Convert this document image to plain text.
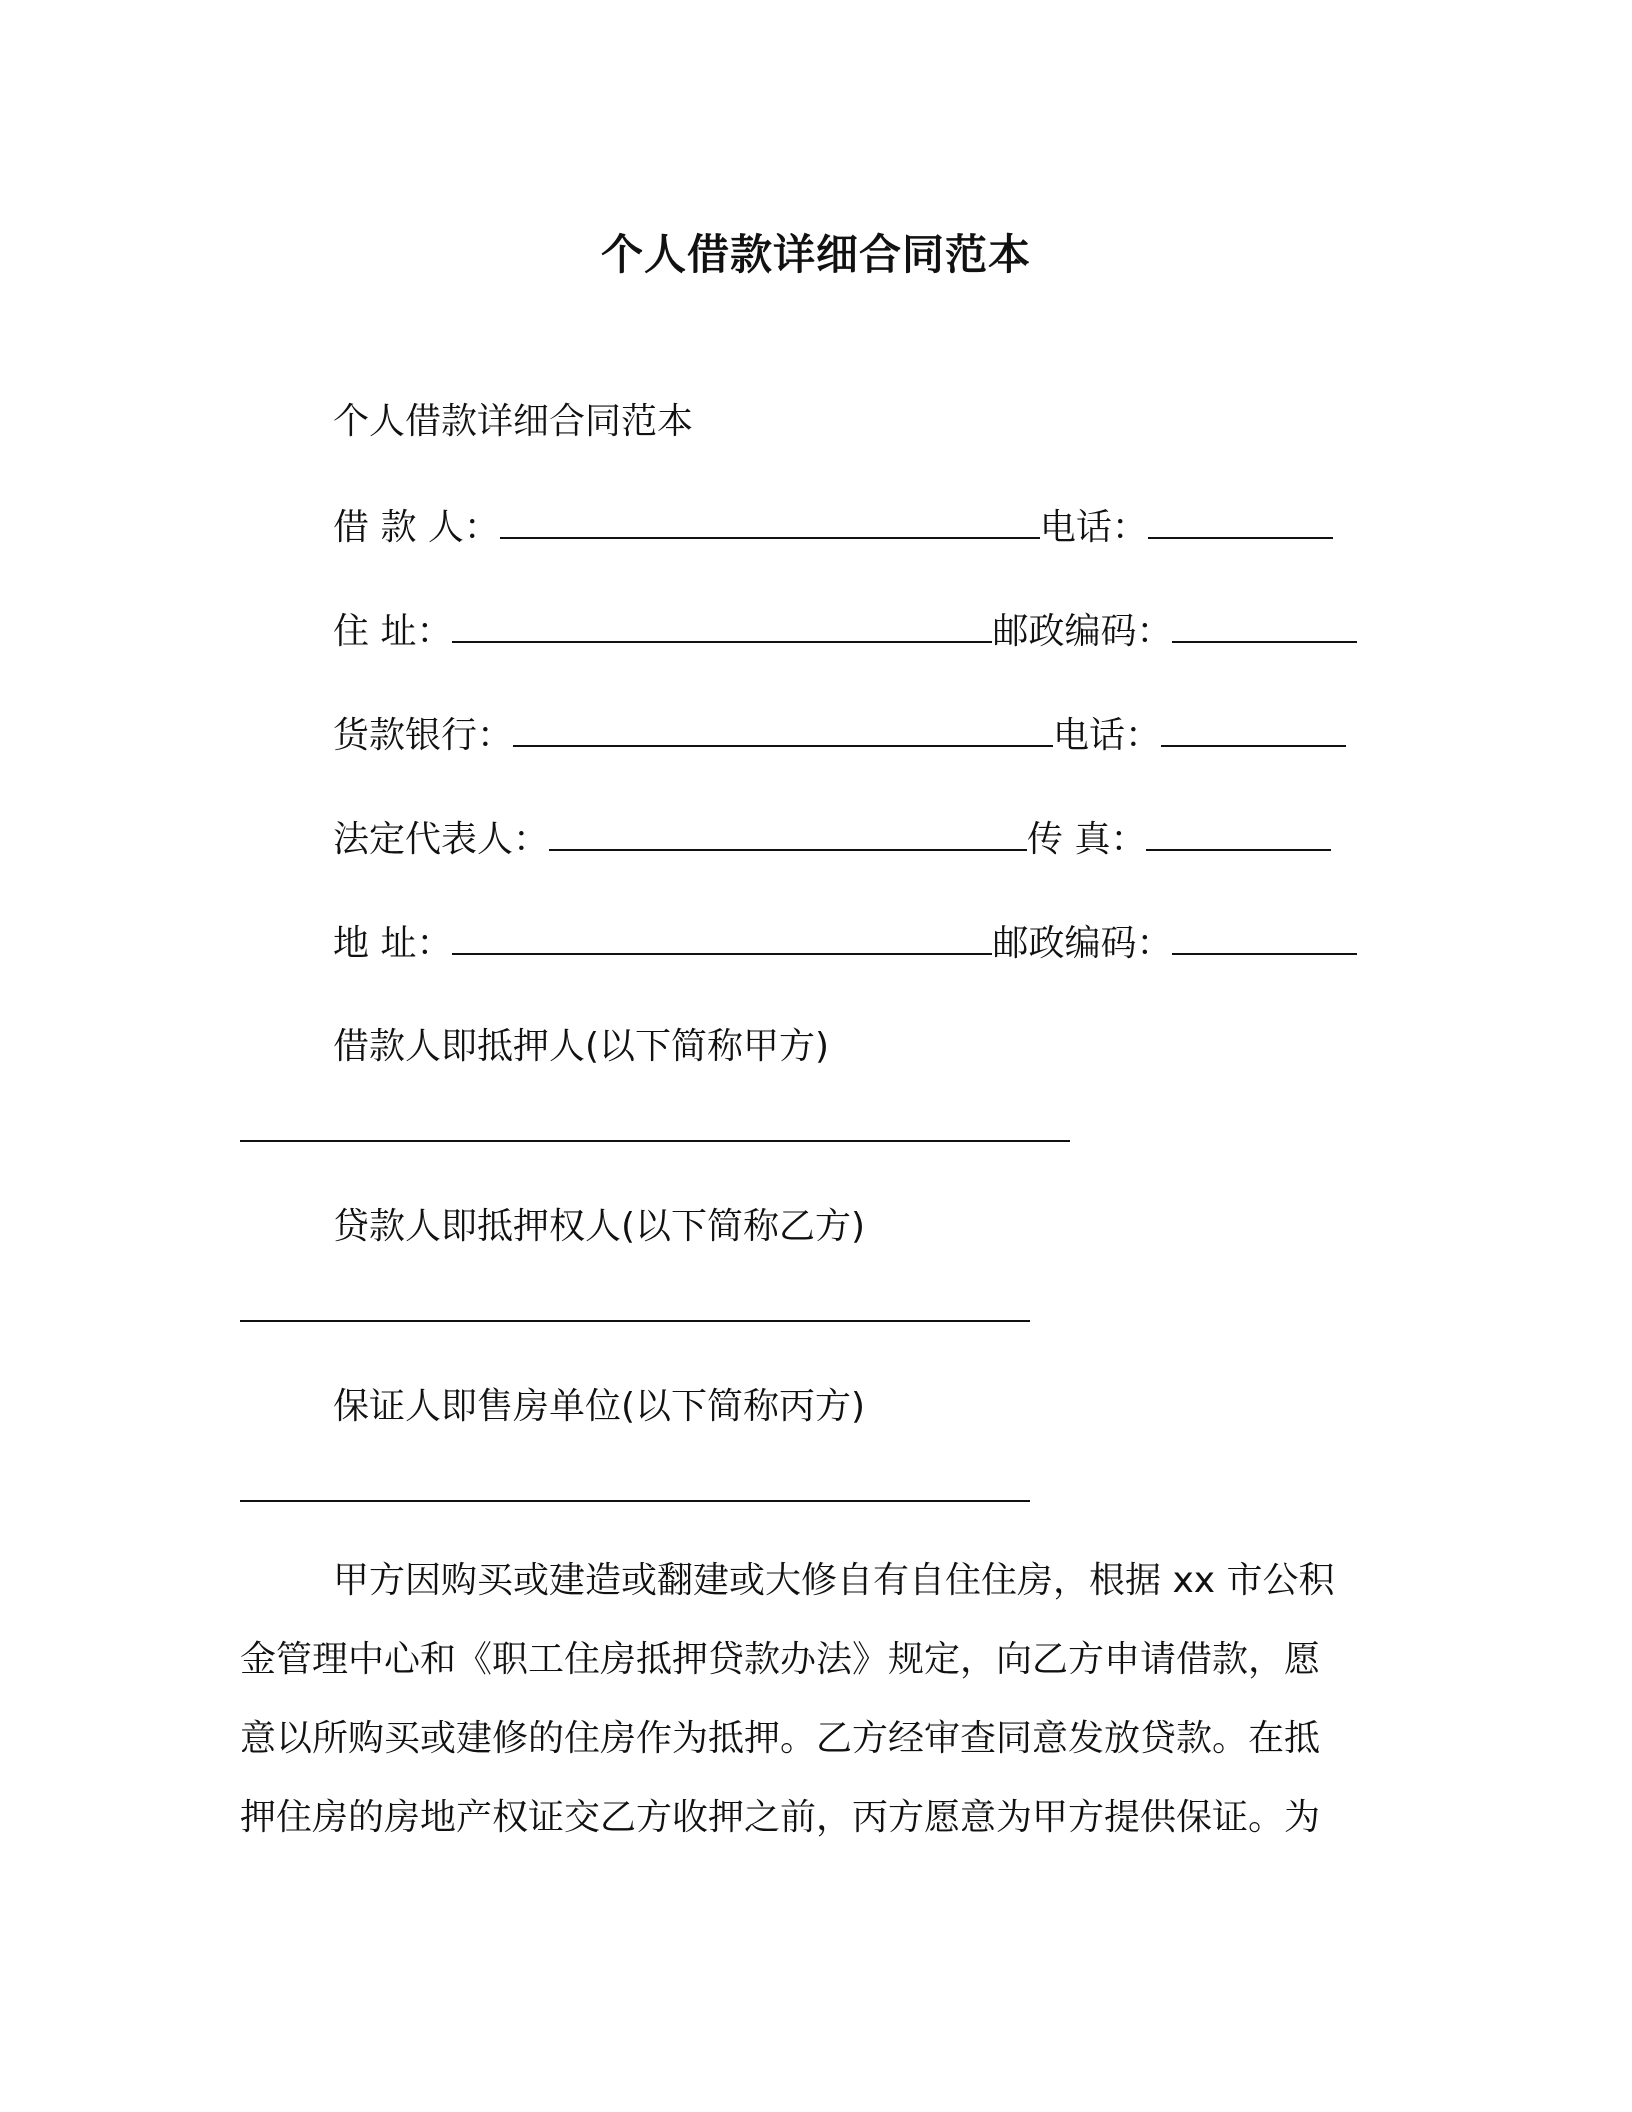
个人借款详细合同范本
个人借款详细合同范本
借 款 人：	电话：
住 址：	邮政编码：
货款银行：	电话：
法定代表人：	传 真：
地 址：	邮政编码：
借款人即抵押人(以下简称甲方)
贷款人即抵押权人(以下简称乙方)
保证人即售房单位(以下简称丙方)
甲方因购买或建造或翻建或大修自有自住住房，根据 xx 市公积
金管理中心和《职工住房抵押贷款办法》规定，向乙方申请借款，愿
意以所购买或建修的住房作为抵押。乙方经审查同意发放贷款。在抵
押住房的房地产权证交乙方收押之前，丙方愿意为甲方提供保证。为
